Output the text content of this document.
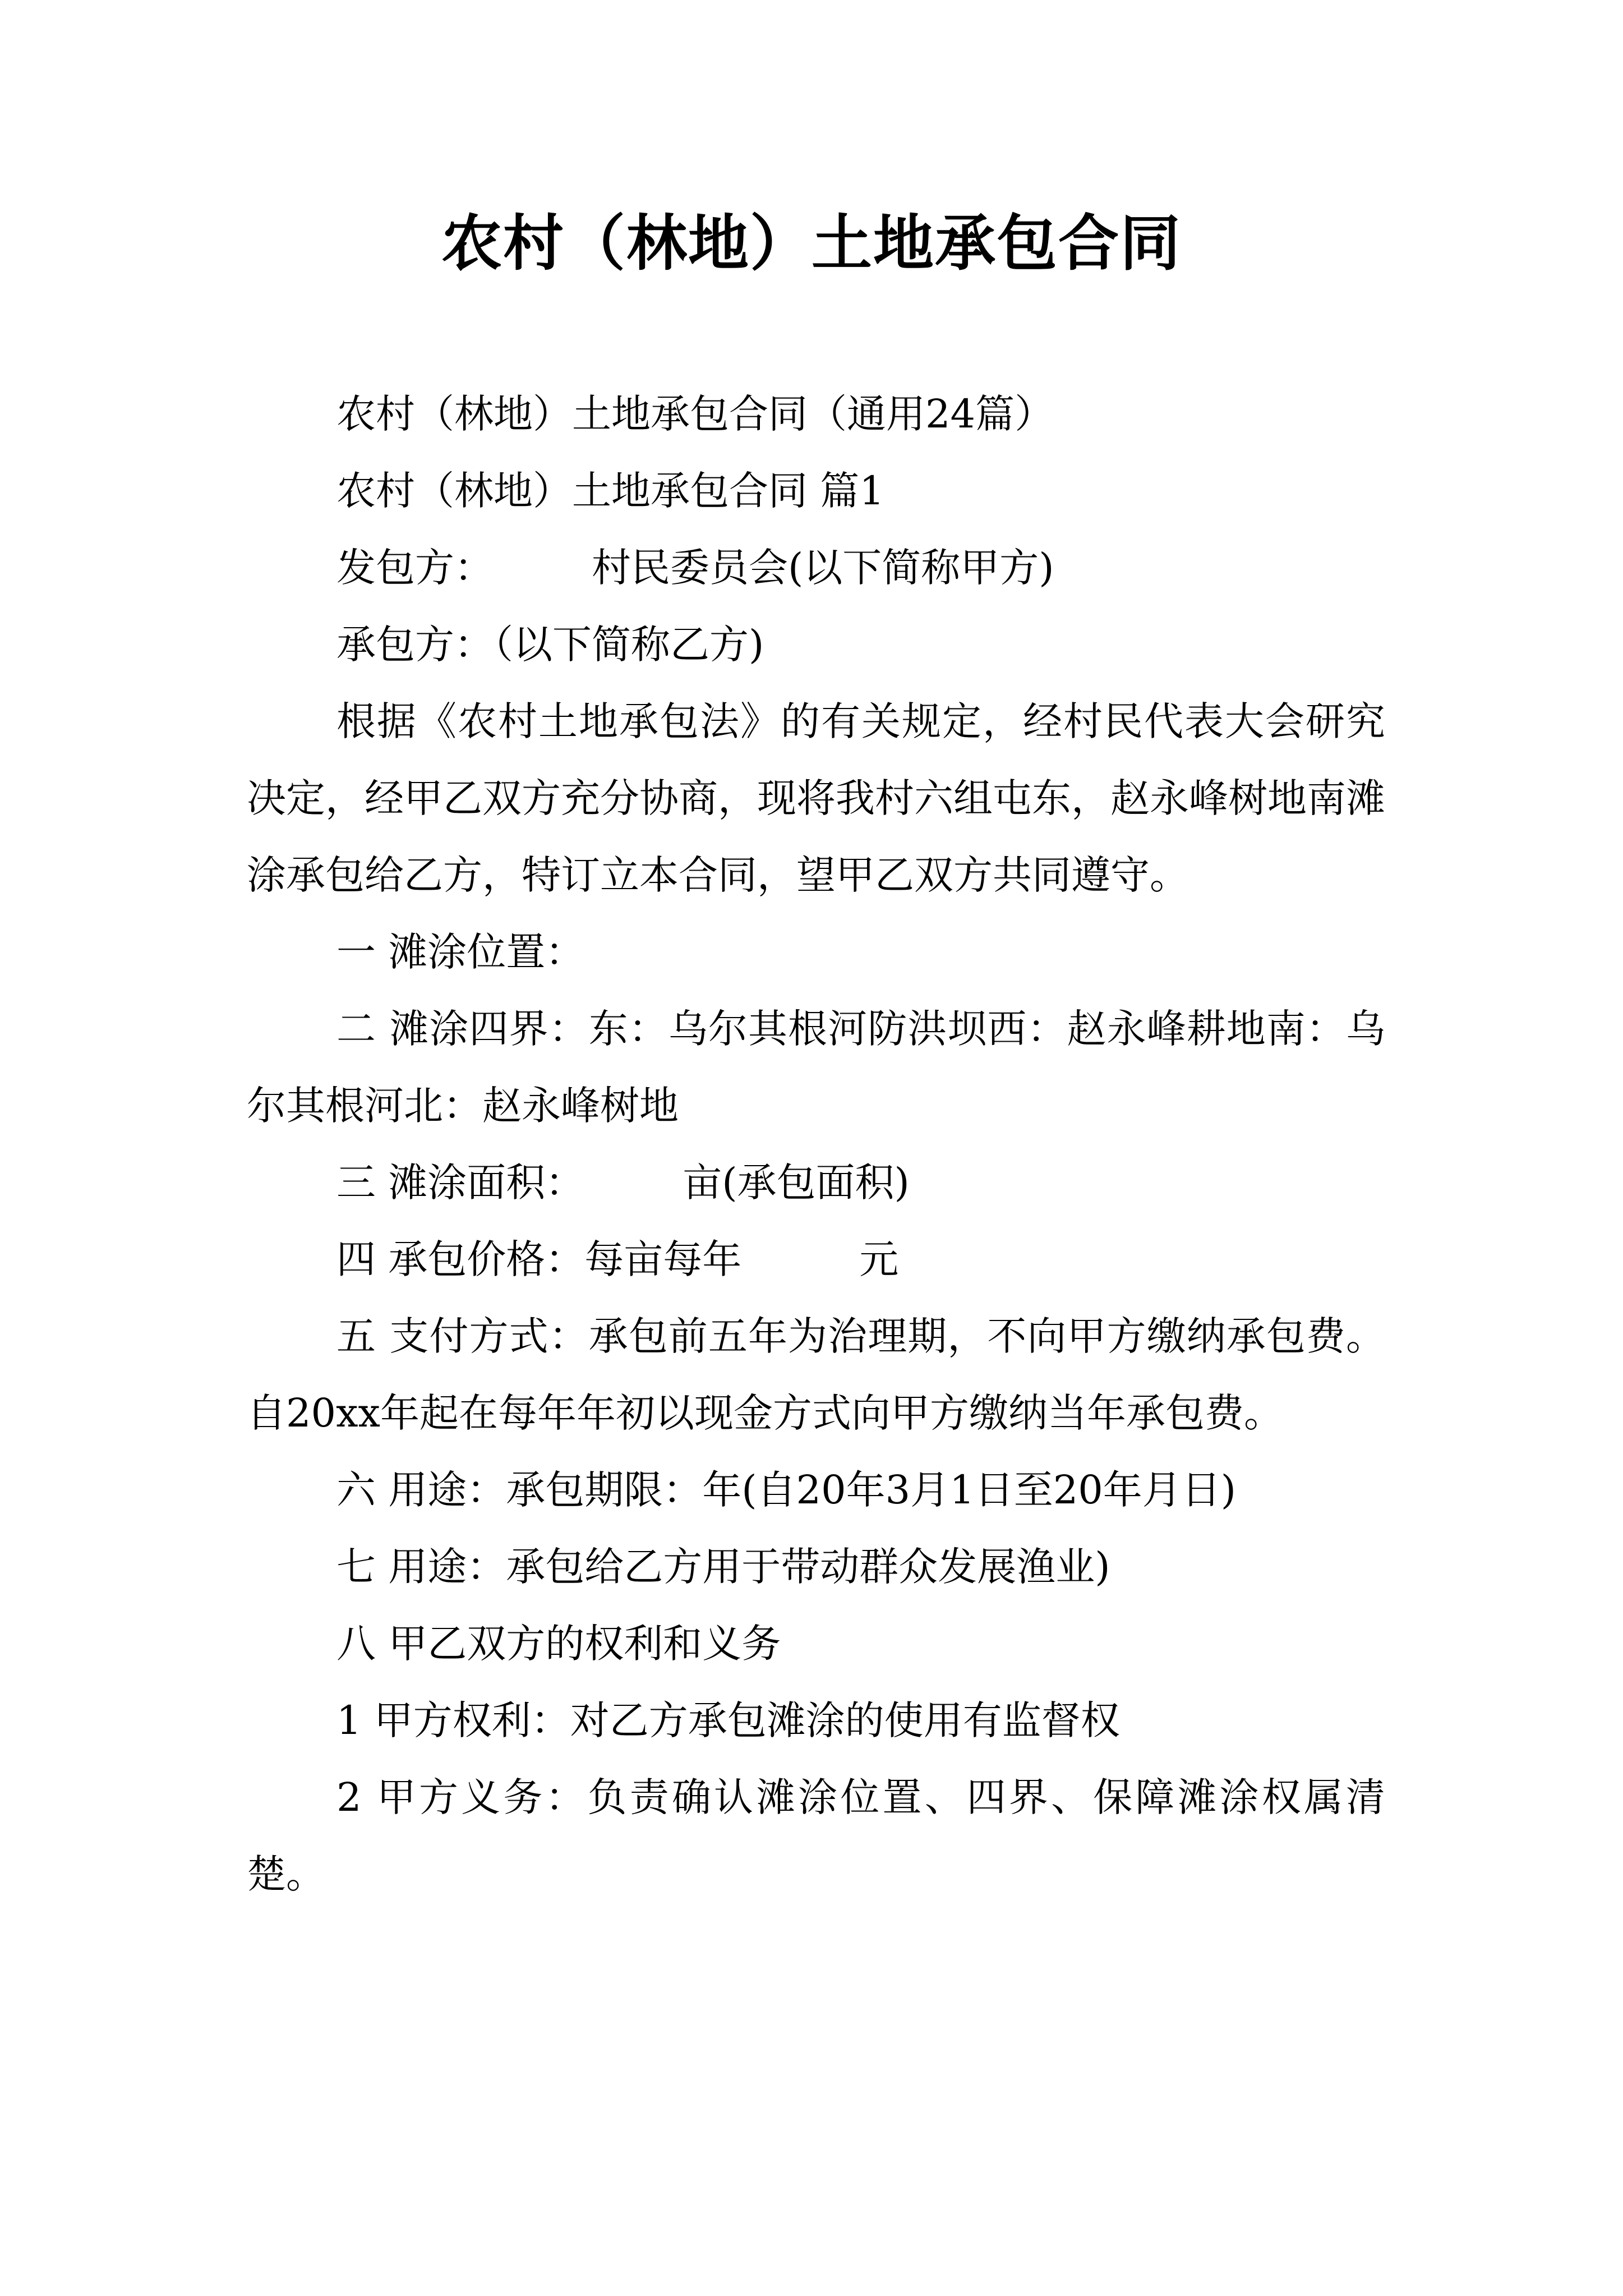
农村（林地）土地承包合同

农村（林地）土地承包合同（通用24篇）

农村（林地）土地承包合同 篇1

发包方：　　　村民委员会(以下简称甲方)

承包方：（以下简称乙方)

根据《农村土地承包法》的有关规定，经村民代表大会研究决定，经甲乙双方充分协商，现将我村六组屯东，赵永峰树地南滩涂承包给乙方，特订立本合同，望甲乙双方共同遵守。

一 滩涂位置：

二 滩涂四界：东：乌尔其根河防洪坝西：赵永峰耕地南：乌尔其根河北：赵永峰树地

三 滩涂面积：　　　亩(承包面积)

四 承包价格：每亩每年　　　元

五 支付方式：承包前五年为治理期，不向甲方缴纳承包费。自20xx年起在每年年初以现金方式向甲方缴纳当年承包费。

六 用途：承包期限：年(自20年3月1日至20年月日)

七 用途：承包给乙方用于带动群众发展渔业)

八 甲乙双方的权利和义务

1 甲方权利：对乙方承包滩涂的使用有监督权

2 甲方义务：负责确认滩涂位置、四界、保障滩涂权属清楚。
